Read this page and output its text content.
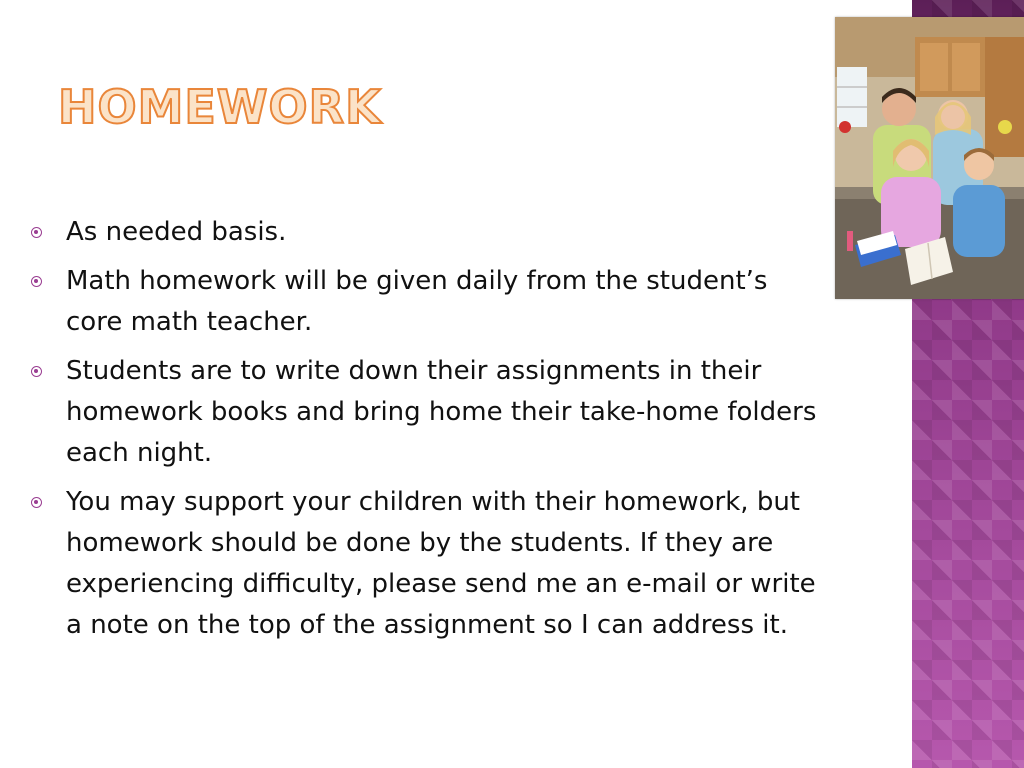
HOMEWORK
As needed basis.
Math homework will be given daily from the student’s core math teacher.
Students are to write down their assignments in their homework books and bring home their take-home folders each night.
You may support your children with their homework, but homework should be done by the students. If they are experiencing difficulty, please send me an e-mail or write a note on the top of the assignment so I can address it.
